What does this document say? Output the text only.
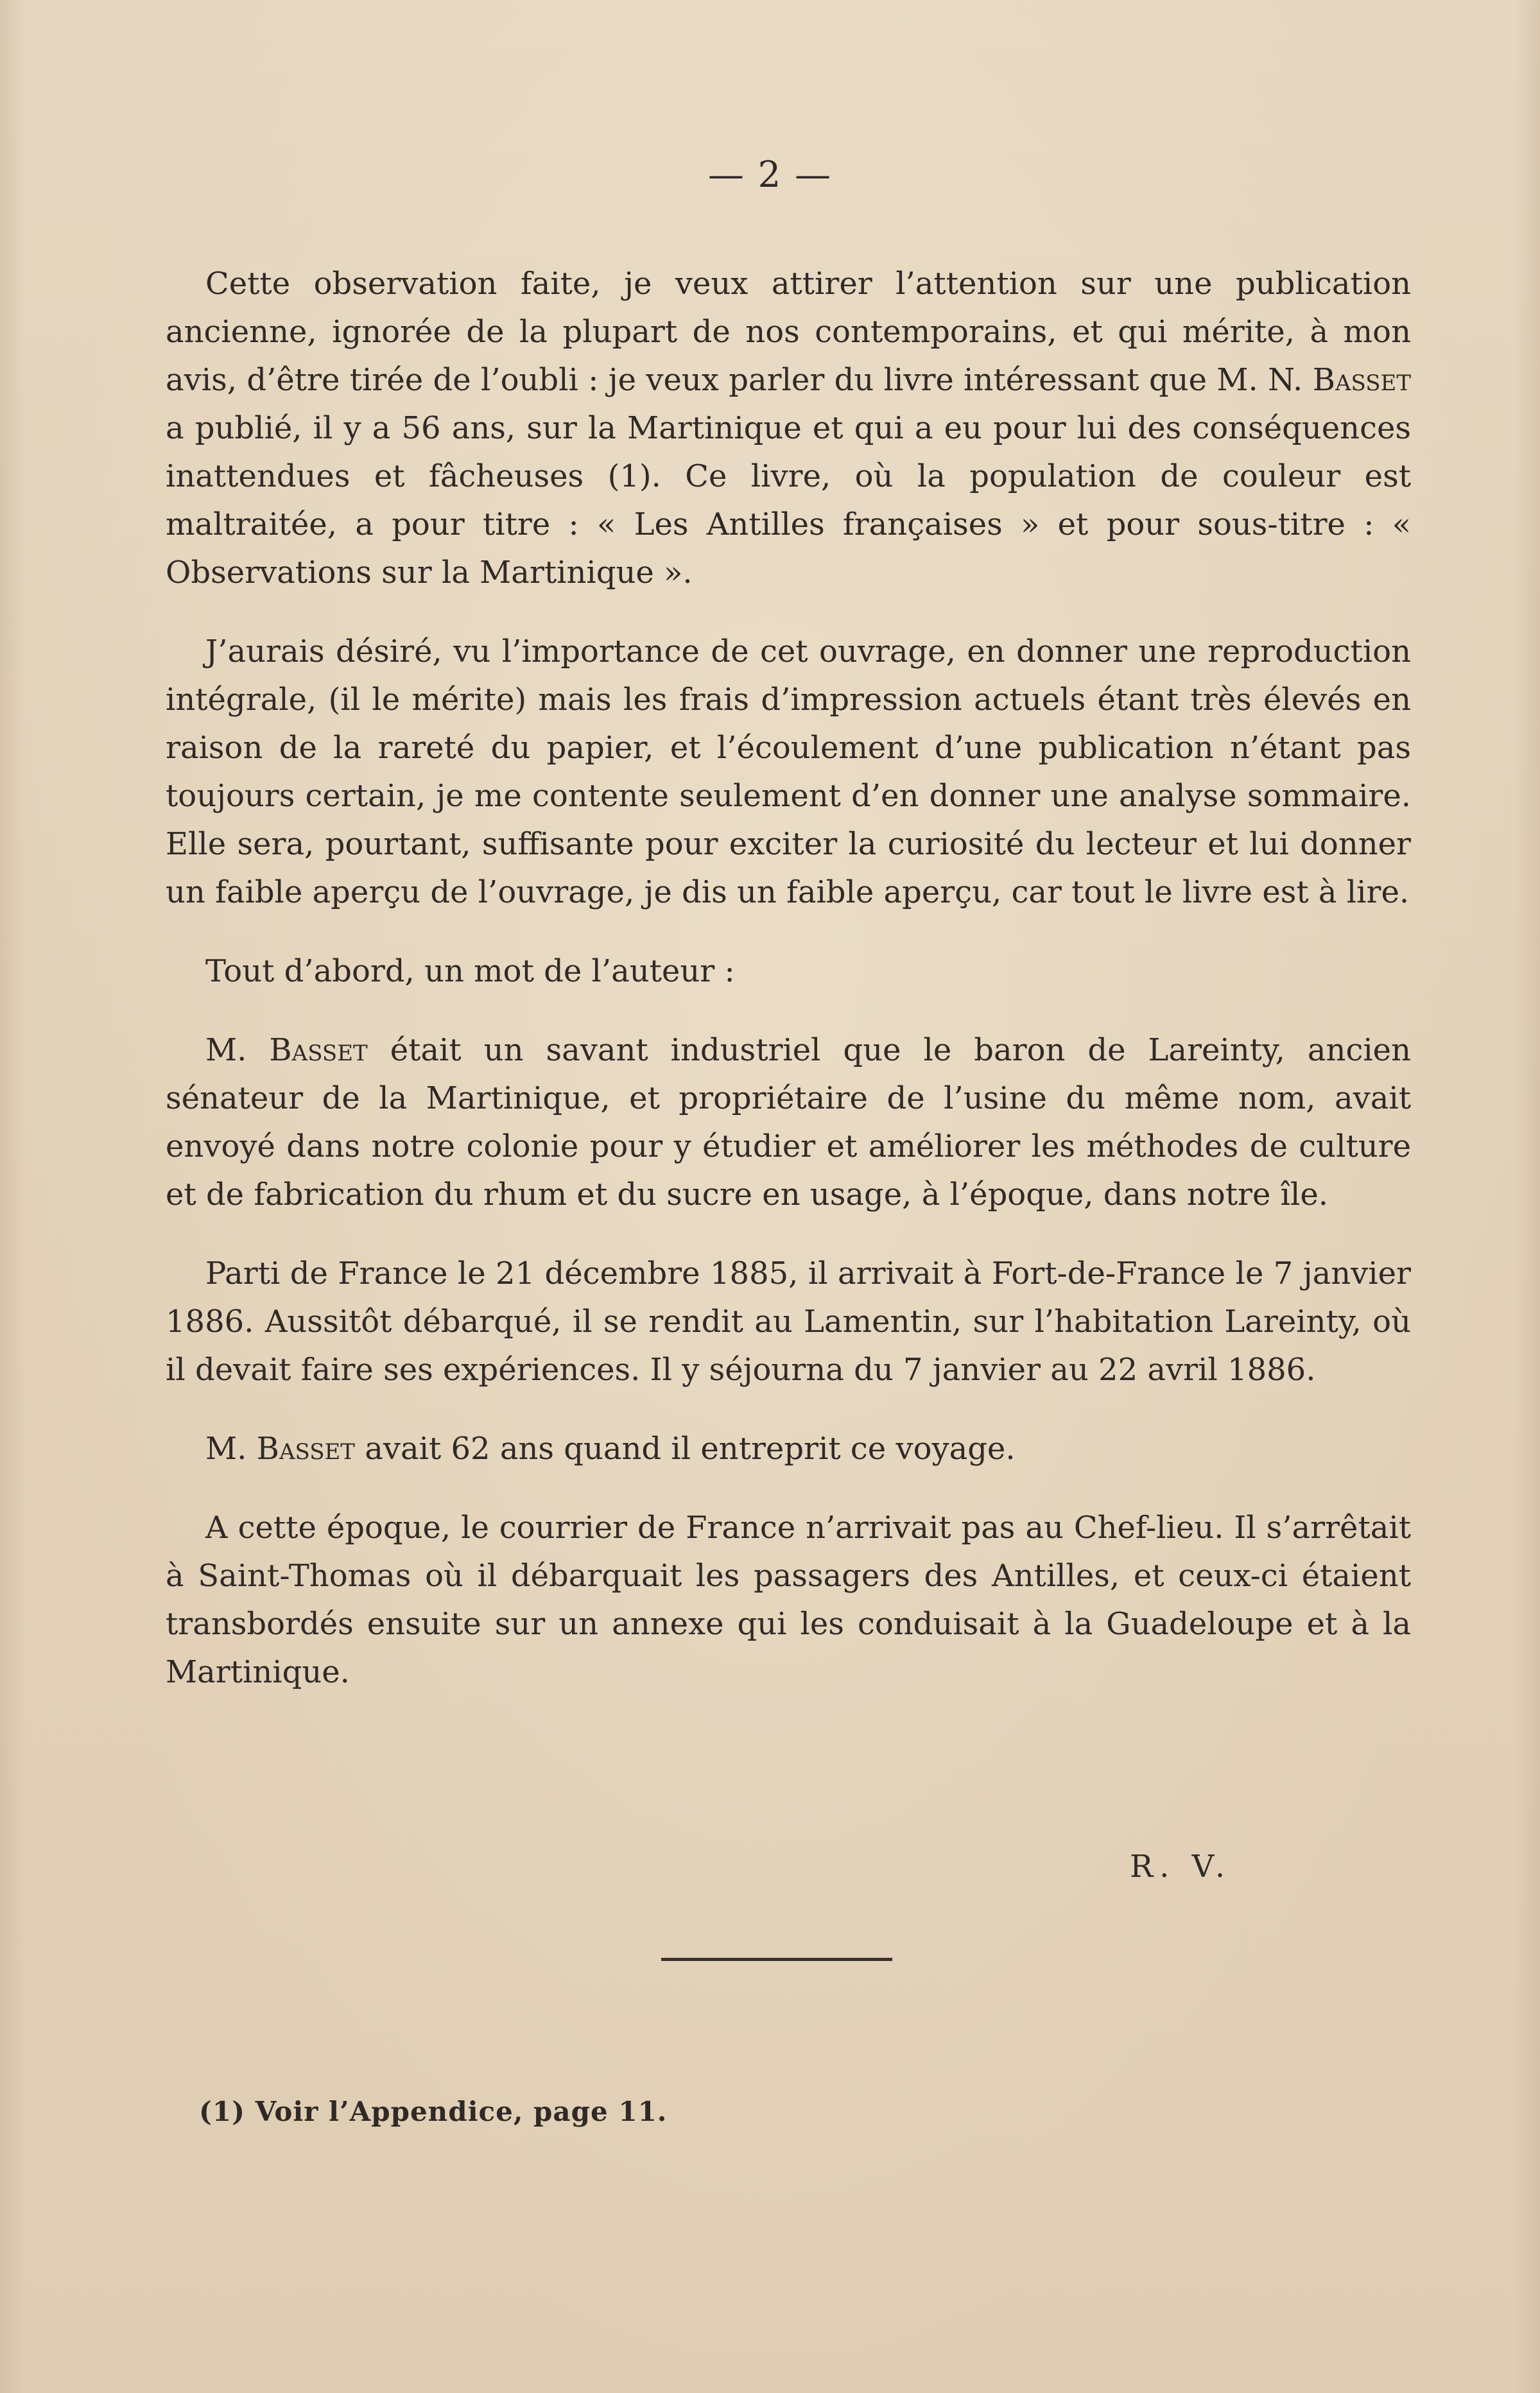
— 2 —

Cette observation faite, je veux attirer l’attention sur une publication ancienne, ignorée de la plupart de nos contemporains, et qui mérite, à mon avis, d’être tirée de l’oubli : je veux parler du livre intéressant que M. N. Basset a publié, il y a 56 ans, sur la Martinique et qui a eu pour lui des conséquences inattendues et fâcheuses (1). Ce livre, où la population de couleur est maltraitée, a pour titre : « Les Antilles françaises » et pour sous-titre : « Observations sur la Martinique ».

J’aurais désiré, vu l’importance de cet ouvrage, en donner une reproduction intégrale, (il le mérite) mais les frais d’impression actuels étant très élevés en raison de la rareté du papier, et l’écoulement d’une publication n’étant pas toujours certain, je me contente seulement d’en donner une analyse sommaire. Elle sera, pourtant, suffisante pour exciter la curiosité du lecteur et lui donner un faible aperçu de l’ouvrage, je dis un faible aperçu, car tout le livre est à lire.

Tout d’abord, un mot de l’auteur :

M. Basset était un savant industriel que le baron de Lareinty, ancien sénateur de la Martinique, et propriétaire de l’usine du même nom, avait envoyé dans notre colonie pour y étudier et améliorer les méthodes de culture et de fabrication du rhum et du sucre en usage, à l’époque, dans notre île.

Parti de France le 21 décembre 1885, il arrivait à Fort-de-France le 7 janvier 1886. Aussitôt débarqué, il se rendit au Lamentin, sur l’habitation Lareinty, où il devait faire ses expériences. Il y séjourna du 7 janvier au 22 avril 1886.

M. Basset avait 62 ans quand il entreprit ce voyage.

A cette époque, le courrier de France n’arrivait pas au Chef-lieu. Il s’arrêtait à Saint-Thomas où il débarquait les passagers des Antilles, et ceux-ci étaient transbordés ensuite sur un annexe qui les conduisait à la Guadeloupe et à la Martinique.

R. V.
(1) Voir l’Appendice, page 11.
